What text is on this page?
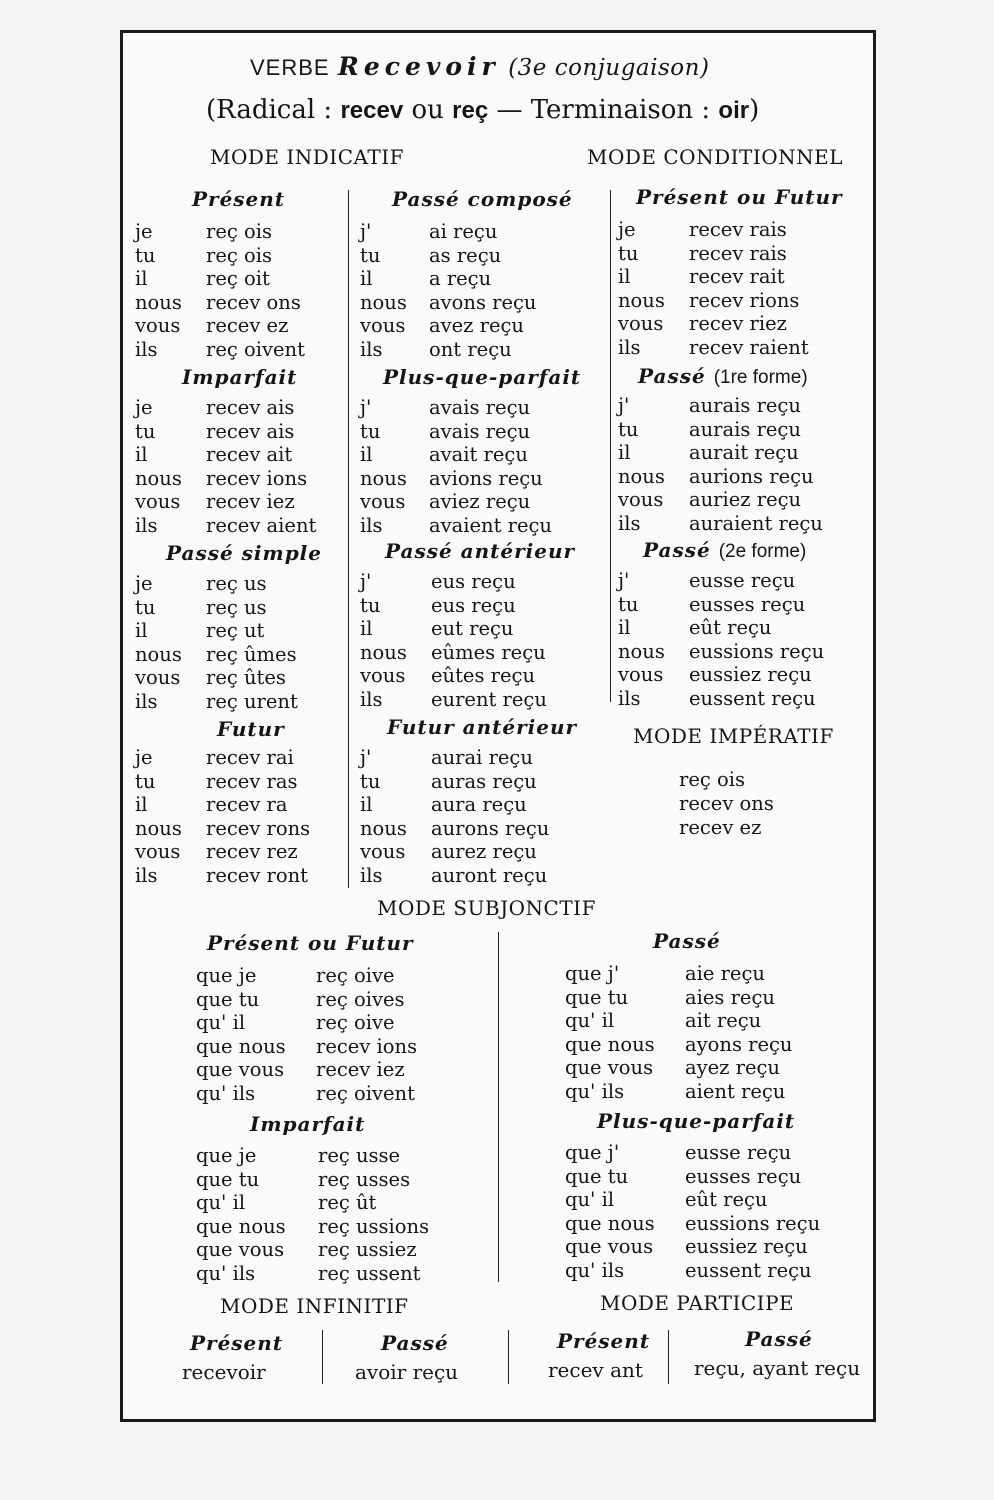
VERBE Recevoir (3e conjugaison)
(Radical : recev ou reç — Terminaison : oir)
MODE INDICATIF	MODE CONDITIONNEL
Présent
Imparfait
Passé simple
Futur
Passé composé
Plus-que-parfait
Passé antérieur
Futur antérieur
Présent ou Futur
Passé (1re forme)
Passé (2e forme)
je	reç ois
tu	reç ois
il	reç oit
nous recev ons
vous recev ez
ils reç oivent
je	recev ais
tu	recev ais
il	recev ait
nous recev ions
vous recev iez
ils recev aient
je	reç us
tu	reç us
il	reç ut
nous reç ûmes
vous reç ûtes
ils reç urent
je	recev rai
tu	recev ras
il	recev ra
nous recev rons
vous recev rez
ils recev ront
j'	ai reçu
tu as reçu
il	a reçu
nous avons reçu
vous avez reçu
ils ont reçu
j'	avais reçu
tu avais reçu
il	avait reçu
nous avions reçu
vous aviez reçu
ils avaient reçu
j'	eus reçu
tu	eus reçu
il	eut reçu
nous eûmes reçu
vous eûtes reçu
ils eurent reçu
j'	aurai reçu
tu	auras reçu
il	aura reçu
nous aurons reçu
vous aurez reçu
ils auront reçu
je	recev rais
tu	recev rais
il	recev rait
nous recev rions
vous recev riez
ils recev raient
j'	aurais reçu
tu	aurais reçu
il	aurait reçu
nous aurions reçu
vous auriez reçu
ils auraient reçu
j'	eusse reçu
tu	eusses reçu
il	eût reçu
nous eussions reçu
vous eussiez reçu
ils eussent reçu
MODE IMPÉRATIF
reç ois
recev ons
recev ez
MODE SUBJONCTIF
Présent ou Futur
Imparfait
Passé
Plus-que-parfait
que je	reç oive
que tu	reç oives
qu' il	reç oive
que nous recev ions
que vous recev iez
qu' ils	reç oivent
que je	reç usse
que tu	reç usses
qu' il	reç ût
que nous reç ussions
que vous reç ussiez
qu' ils	reç ussent
que j'	aie reçu
que tu	aies reçu
qu' il	ait reçu
que nous ayons reçu
que vous ayez reçu
qu' ils	aient reçu
que j'	eusse reçu
que tu	eusses reçu
qu' il	eût reçu
que nous eussions reçu
que vous eussiez reçu
qu' ils	eussent reçu
MODE INFINITIF	MODE PARTICIPE
Présent	Passé	Présent	Passé
recevoir	avoir reçu	recev ant	reçu, ayant reçu
